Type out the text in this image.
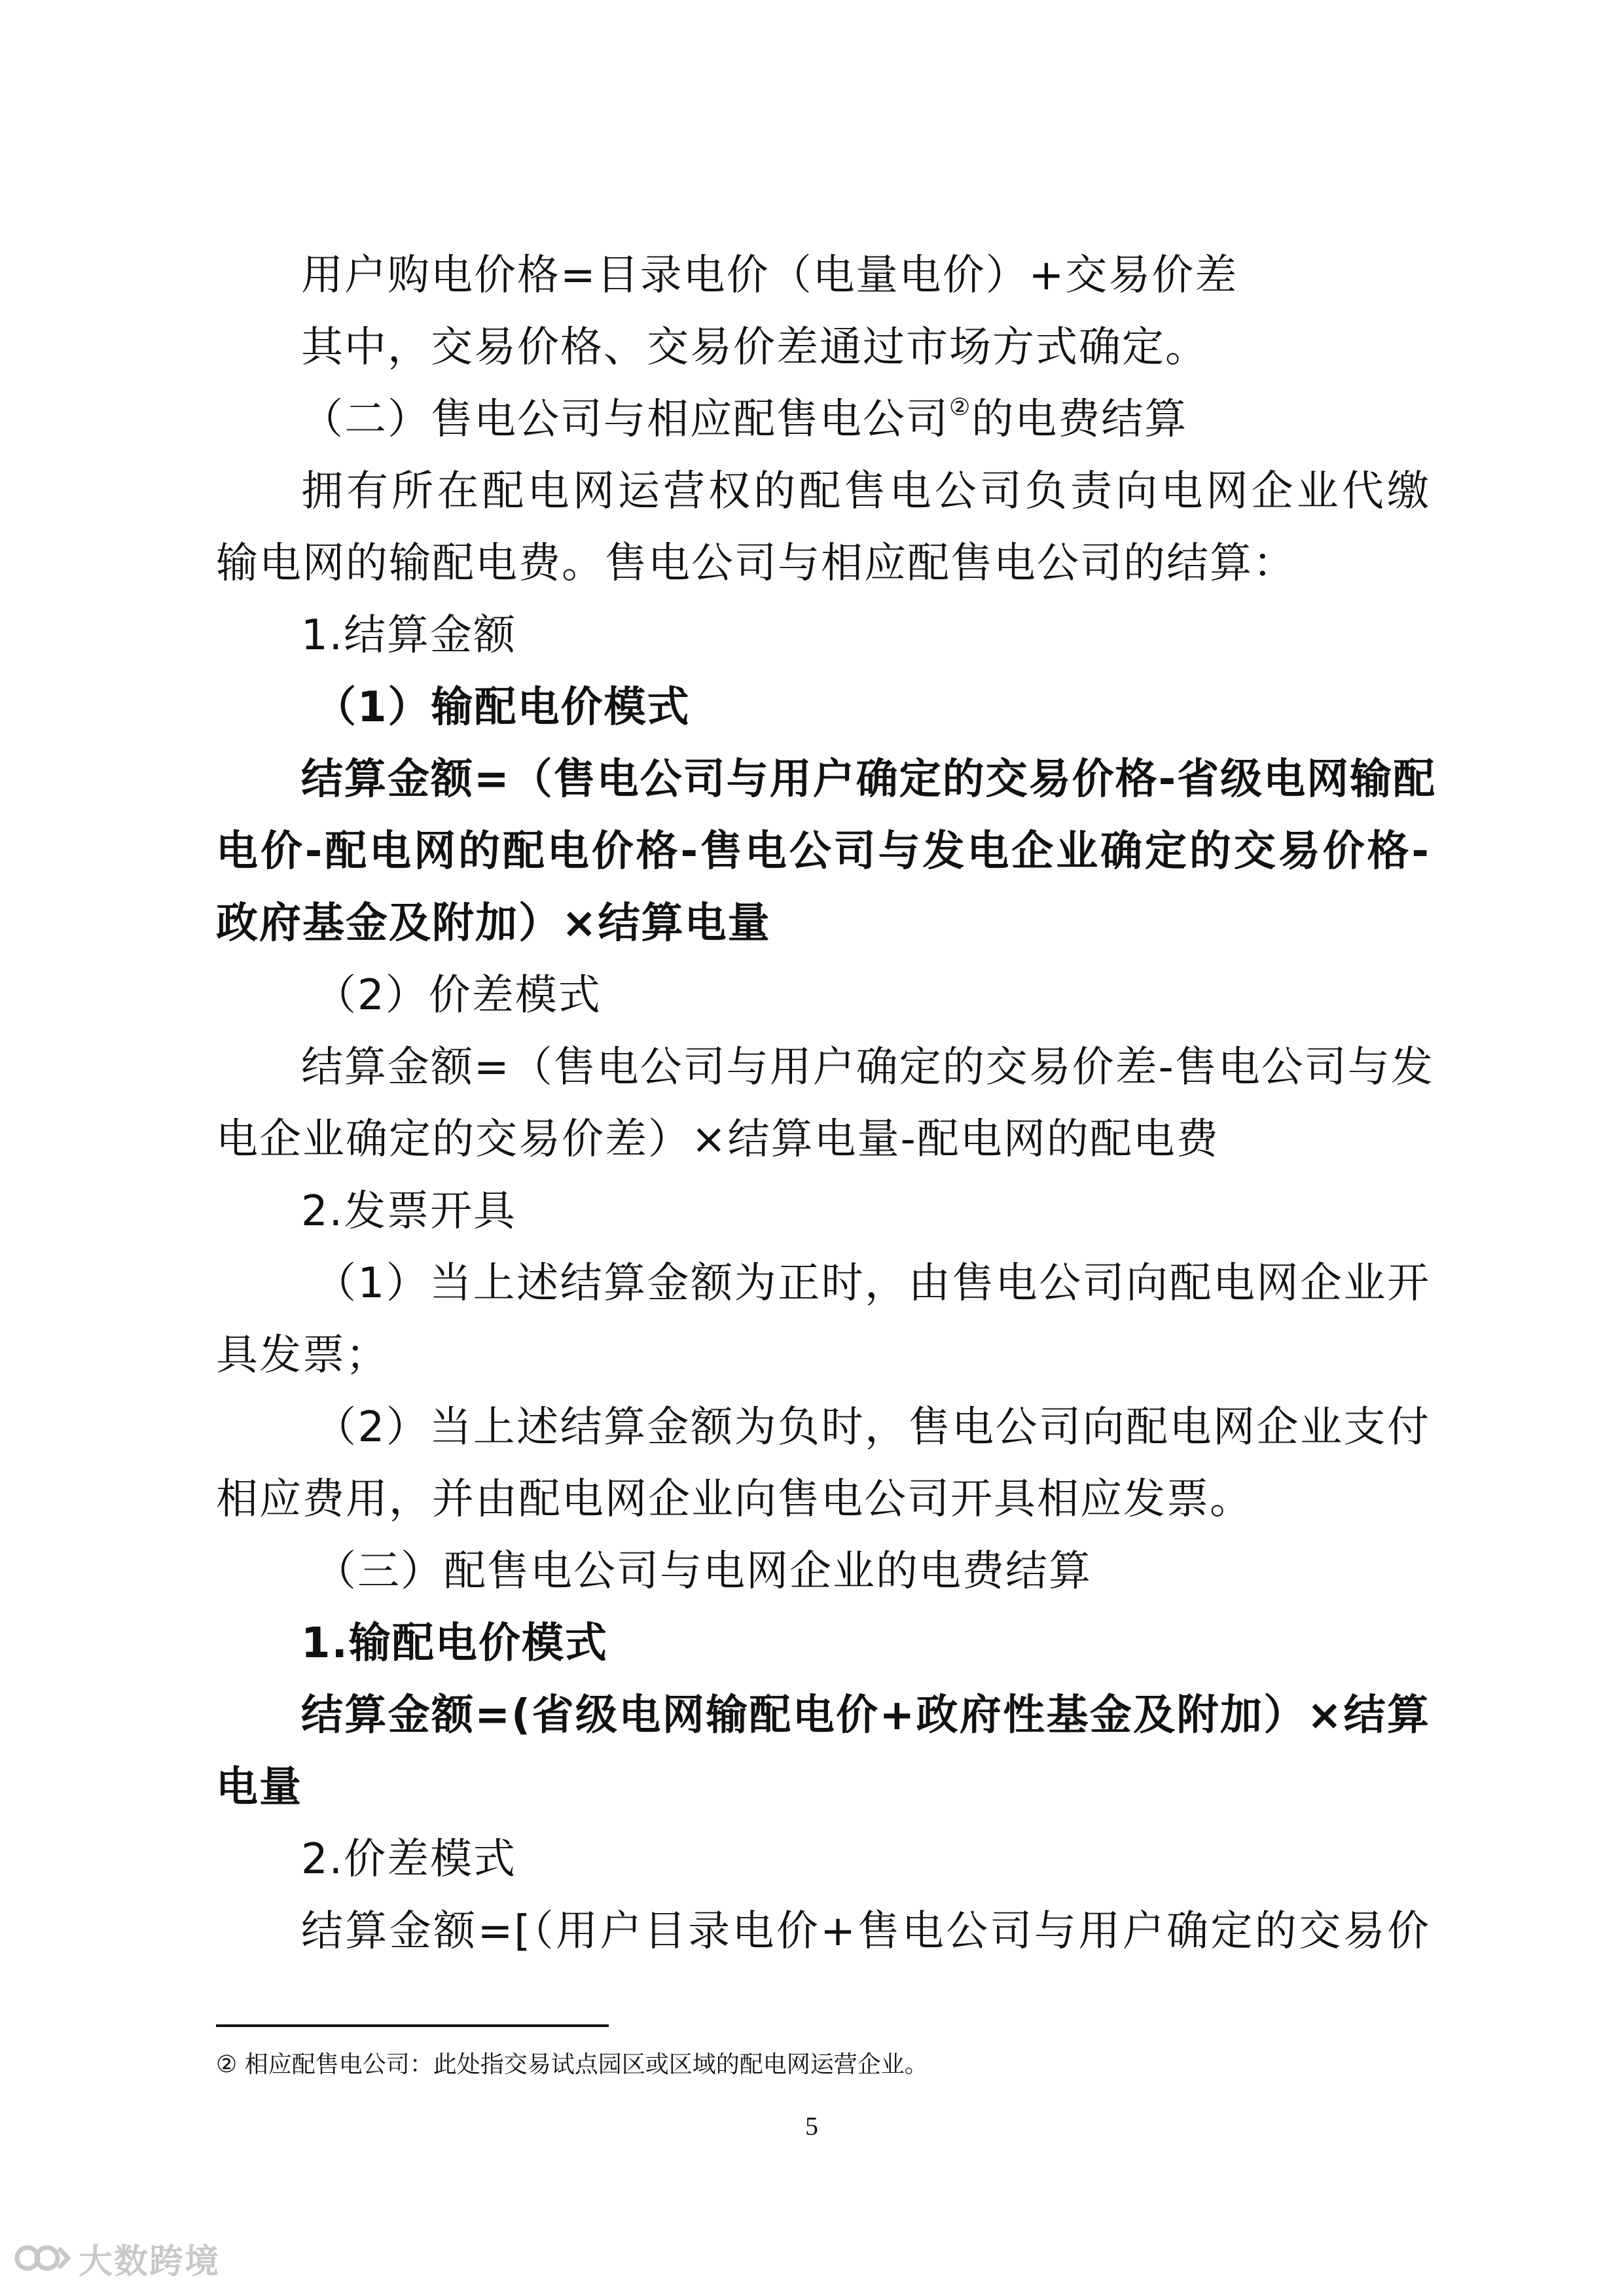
用户购电价格=目录电价（电量电价）+交易价差
其中，交易价格、交易价差通过市场方式确定。
（二）售电公司与相应配售电公司②的电费结算
拥有所在配电网运营权的配售电公司负责向电网企业代缴
输电网的输配电费。售电公司与相应配售电公司的结算：
1.结算金额
（1）输配电价模式
结算金额=（售电公司与用户确定的交易价格-省级电网输配
电价-配电网的配电价格-售电公司与发电企业确定的交易价格-
政府基金及附加）×结算电量
（2）价差模式
结算金额=（售电公司与用户确定的交易价差-售电公司与发
电企业确定的交易价差）×结算电量-配电网的配电费
2.发票开具
（1）当上述结算金额为正时，由售电公司向配电网企业开
具发票；
（2）当上述结算金额为负时，售电公司向配电网企业支付
相应费用，并由配电网企业向售电公司开具相应发票。
（三）配售电公司与电网企业的电费结算
1.输配电价模式
结算金额=(省级电网输配电价+政府性基金及附加）×结算
电量
2.价差模式
结算金额=[（用户目录电价+售电公司与用户确定的交易价
② 相应配售电公司：此处指交易试点园区或区域的配电网运营企业。
5
大数跨境
